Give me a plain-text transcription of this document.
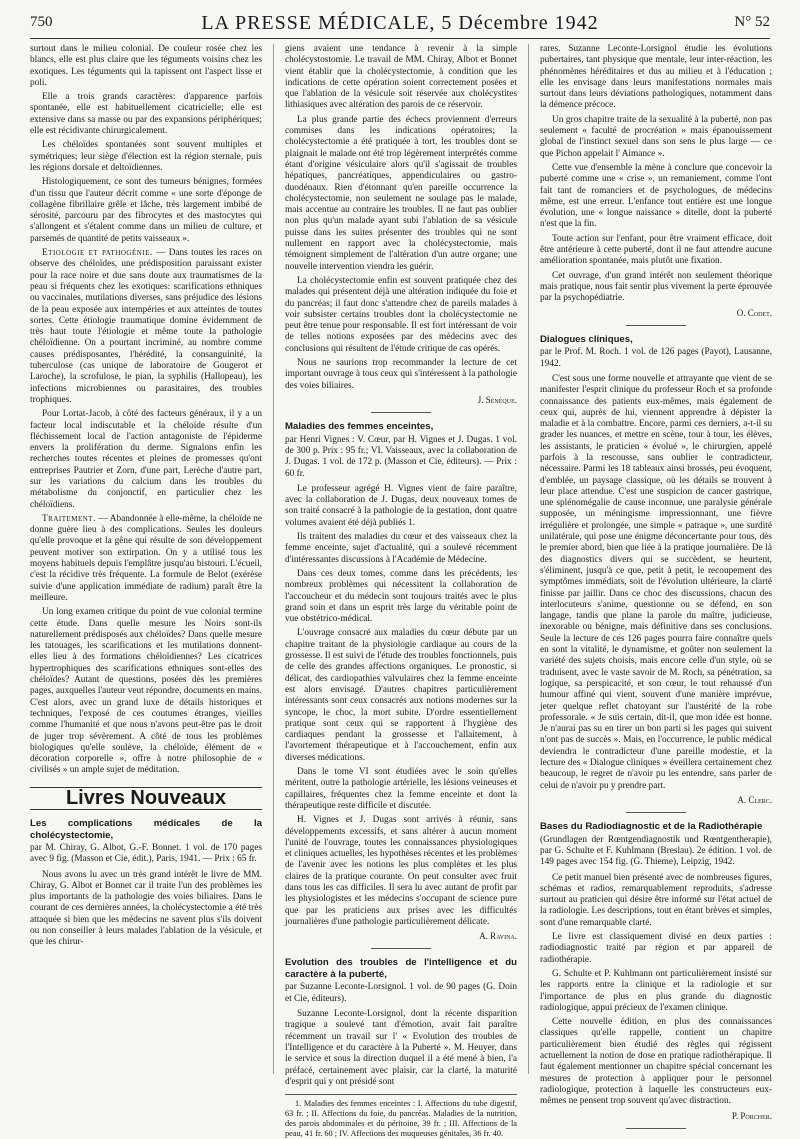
750	LA PRESSE MÉDICALE, 5 Décembre 1942	N° 52

surtout dans le milieu colonial. De couleur rosée chez les blancs, elle est plus claire que les téguments voisins chez les exotiques. Les téguments qui la tapissent ont l'aspect lisse et poli.

Elle a trois grands caractères: d'apparence parfois spontanée, elle est habituellement cicatricielle; elle est extensive dans sa masse ou par des expansions périphériques; elle est récidivante chirurgicalement.

Les chéloïdes spontanées sont souvent multiples et symétriques; leur siège d'élection est la région sternale, puis les régions dorsale et deltoïdiennes.

Histologiquement, ce sont des tumeurs bénignes, formées d'un tissu que l'auteur décrit comme « une sorte d'éponge de collagène fibrillaire grêle et lâche, très largement imbibé de sérosité, parcouru par des fibrocytes et des mastocytes qui s'allongent et s'étalent comme dans un milieu de culture, et parsemés de quantité de petits vaisseaux ».

Etiologie et pathogénie. — Dans toutes les races on observe des chéloïdes, une prédisposition paraissant exister pour la race noire et due sans doute aux traumatismes de la peau si fréquents chez les exotiques: scarifications ethniques ou vaccinales, mutilations diverses, sans préjudice des lésions de la peau exposée aux intempéries et aux atteintes de toutes sortes. Cette étiologie traumatique domine évidemment de très haut toute l'étiologie et même toute la pathologie chéloïdienne. On a pourtant incriminé, au nombre comme causes prédisposantes, l'hérédité, la consanguinité, la tuberculose (cas unique de laboratoire de Gougerot et Laroche), la scrofulose, le pian, la syphilis (Hallopeau), les infections microbiennes ou parasitaires, des troubles trophiques.

Pour Lortat-Jacob, à côté des facteurs généraux, il y a un facteur local indiscutable et la chéloïde résulte d'un fléchissement local de l'action antagoniste de l'épiderme envers la prolifération du derme. Signalons enfin les recherches toutes récentes et pleines de promesses qu'ont entreprises Pautrier et Zorn, d'une part, Lerèche d'autre part, sur les variations du calcium dans les troubles du métabolisme du conjonctif, en particulier chez les chéloïdiens.

Traitement. — Abandonnée à elle-même, la chéloïde ne donne guère lieu à des complications. Seules les douleurs qu'elle provoque et la gêne qui résulte de son développement peuvent motiver son extirpation. On y a utilisé tous les moyens habituels depuis l'emplâtre jusqu'au bistouri. L'écueil, c'est la récidive très fréquente. La formule de Belot (exérèse suivie d'une application immédiate de radium) paraît être la meilleure.

Un long examen critique du point de vue colonial termine cette étude. Dans quelle mesure les Noirs sont-ils naturellement prédisposés aux chéloïdes? Dans quelle mesure les tatouages, les scarifications et les mutilations donnent-elles lieu à des formations chéloïdiennes? Les cicatrices hypertrophiques des scarifications ethniques sont-elles des chéloïdes? Autant de questions, posées dès les premières pages, auxquelles l'auteur veut répondre, documents en mains. C'est alors, avec un grand luxe de détails historiques et techniques, l'exposé de ces coutumes étranges, vieilles comme l'humanité et que nous n'avons peut-être pas le droit de juger trop sévèrement. A côté de tous les problèmes biologiques qu'elle soulève, la chéloïde, élément de « décoration corporelle », offre à notre philosophie de « civilisés » un ample sujet de méditation.

Livres Nouveaux
Les complications médicales de la cholécystectomie,
par M. Chiray, G. Albot, G.-F. Bonnet. 1 vol. de 170 pages avec 9 fig. (Masson et Cie, édit.), Paris, 1941. — Prix : 65 fr.

Nous avons lu avec un très grand intérêt le livre de MM. Chiray, G. Albot et Bonnet car il traite l'un des problèmes les plus importants de la pathologie des voies biliaires. Dans le courant de ces dernières années, la cholécystectomie a été très attaquée si bien que les médecins ne savent plus s'ils doivent ou non conseiller à leurs malades l'ablation de la vésicule, et que les chirur-

giens avaient une tendance à revenir à la simple cholécystostomie. Le travail de MM. Chiray, Albot et Bonnet vient établir que la cholécystectomie, à condition que les indications de cette opération soient correctement posées et que l'ablation de la vésicule soit réservée aux cholécystites lithiasiques avec altération des parois de ce réservoir.

La plus grande partie des échecs proviennent d'erreurs commises dans les indications opératoires; la cholécystectomie a été pratiquée à tort, les troubles dont se plaignait le malade ont été trop légèrement interprétés comme étant d'origine vésiculaire alors qu'il s'agissait de troubles hépatiques, pancréatiques, appendiculaires ou gastro-duodénaux. Rien d'étonnant qu'en pareille occurrence la cholécystectomie, non seulement ne soulage pas le malade, mais accentue au contraire les troubles. Il ne faut pas oublier non plus qu'un malade ayant subi l'ablation de sa vésicule puisse dans les suites présenter des troubles qui ne sont nullement en rapport avec la cholécystectomie, mais témoignent simplement de l'altération d'un autre organe; une nouvelle intervention viendra les guérir.

La cholécystectomie enfin est souvent pratiquée chez des malades qui présentent déjà une altération indiquée du foie et du pancréas; il faut donc s'attendre chez de pareils malades à voir subsister certains troubles dont la cholécystectomie ne peut être tenue pour responsable. Il est fort intéressant de voir de telles notions exposées par des médecins avec des conclusions qui résultent de l'étude critique de cas opérés.

Nous ne saurions trop recommander la lecture de cet important ouvrage à tous ceux qui s'intéressent à la pathologie des voies biliaires.

J. Sénèque.
Maladies des femmes enceintes,
par Henri Vignes : V. Cœur, par H. Vignes et J. Dugas. 1 vol. de 300 p. Prix : 95 fr.; VI. Vaisseaux, avec la collaboration de J. Dugas. 1 vol. de 172 p. (Masson et Cie, éditeurs). — Prix : 60 fr.

Le professeur agrégé H. Vignes vient de faire paraître, avec la collaboration de J. Dugas, deux nouveaux tomes de son traité consacré à la pathologie de la gestation, dont quatre volumes avaient été déjà publiés 1.

Ils traitent des maladies du cœur et des vaisseaux chez la femme enceinte, sujet d'actualité, qui a soulevé récemment d'intéressantes discussions à l'Académie de Médecine.

Dans ces deux tomes, comme dans les précédents, les nombreux problèmes qui nécessitent la collaboration de l'accoucheur et du médecin sont toujours traités avec le plus grand soin et dans un esprit très large du véritable point de vue obstétrico-médical.

L'ouvrage consacré aux maladies du cœur débute par un chapitre traitant de la physiologie cardiaque au cours de la grossesse. Il est suivi de l'étude des troubles fonctionnels, puis de celle des grandes affections organiques. Le pronostic, si délicat, des cardiopathies valvulaires chez la femme enceinte est alors envisagé. D'autres chapitres particulièrement intéressants sont ceux consacrés aux notions modernes sur la syncope, le choc, la mort subite. D'ordre essentiellement pratique sont ceux qui se rapportent à l'hygiène des cardiaques pendant la grossesse et l'allaitement, à l'avortement thérapeutique et à l'accouchement, enfin aux diverses médications.

Dans le tome VI sont étudiées avec le soin qu'elles méritent, outre la pathologie artérielle, les lésions veineuses et capillaires, fréquentes chez la femme enceinte et dont la thérapeutique reste difficile et discutée.

H. Vignes et J. Dugas sont arrivés à réunir, sans développements excessifs, et sans altérer à aucun moment l'unité de l'ouvrage, toutes les connaissances physiologiques et cliniques actuelles, les hypothèses récentes et les problèmes de l'avenir avec les notions les plus complètes et les plus claires de la pratique courante. On peut consulter avec fruit dans tous les cas difficiles. Il sera lu avec autant de profit par les physiologistes et les médecins s'occupant de science pure que par les praticiens aux prises avec les difficultés journalières d'une pathologie particulièrement délicate.

A. Ravina.
Evolution des troubles de l'intelligence et du caractère à la puberté,
par Suzanne Leconte-Lorsignol. 1 vol. de 90 pages (G. Doin et Cie, éditeurs).

Suzanne Leconte-Lorsignol, dont la récente disparition tragique a soulevé tant d'émotion, avait fait paraître récemment un travail sur l' « Evolution des troubles de l'Intelligence et du caractère à la Puberté ». M. Heuyer, dans le service et sous la direction duquel il a été mené à bien, l'a préfacé, certainement avec plaisir, car la clarté, la maturité d'esprit qui y ont présidé sont

1. Maladies des femmes enceintes : I. Affections du tube digestif, 63 fr. ; II. Affections du foie, du pancréas. Maladies de la nutrition, des parois abdominales et du péritoine, 39 fr. ; III. Affections de la peau, 41 fr. 60 ; IV. Affections des muqueuses génitales, 36 fr. 40.

rares. Suzanne Leconte-Lorsignol étudie les évolutions pubertaires, tant physique que mentale, leur inter-réaction, les phénomènes héréditaires et dus au milieu et à l'éducation ; elle les envisage dans leurs manifestations normales mais surtout dans leurs déviations pathologiques, notamment dans la démence précoce.

Un gros chapitre traite de la sexualité à la puberté, non pas seulement « faculté de procréation » mais épanouissement global de l'instinct sexuel dans son sens le plus large — ce que Pichon appelait l' Aimance ».

Cette vue d'ensemble la mène à conclure que concevoir la puberté comme une « crise », un remaniement, comme l'ont fait tant de romanciers et de psychologues, de médecins même, est une erreur. L'enfance tout entière est une longue évolution, une « longue naissance » ditelle, dont la puberté n'est que la fin.

Toute action sur l'enfant, pour être vraiment efficace, doit être antérieure à cette puberté, dont il ne faut attendre aucune amélioration spontanée, mais plutôt une fixation.

Cet ouvrage, d'un grand intérêt non seulement théorique mais pratique, nous fait sentir plus vivement la perte éprouvée par la psychopédiatrie.

O. Codet.
Dialogues cliniques,
par le Prof. M. Roch. 1 vol. de 126 pages (Payot), Lausanne, 1942.

C'est sous une forme nouvelle et attrayante que vient de se manifester l'esprit clinique du professeur Roch et sa profonde connaissance des patients eux-mêmes, mais également de ceux qui, auprès de lui, viennent apprendre à dépister la maladie et à la combattre. Encore, parmi ces derniers, a-t-il su grader les nuances, et mettre en scène, tour à tour, les élèves, les assistants, le praticien « évolué », le chirurgien, appelé parfois à la rescousse, sans oublier le contradicteur, nécessaire. Parmi les 18 tableaux ainsi brossés, peu évoquent, d'emblée, un paysage classique, où les détails se trouvent à leur place attendue. C'est une suspicion de cancer gastrique, une splénomégalie de cause inconnue, une paralysie générale supposée, un méningisme impressionnant, une fièvre irrégulière et prolongée, une simple « patraque », une surdité unilatérale, qui pose une énigme déconcertante pour tous, dès le premier abord, bien que liée à la pratique journalière. De là des diagnostics divers qui se succèdent, se heurtent, s'éliminent, jusqu'à ce que, petit à petit, le recoupement des symptômes immédiats, soit de l'évolution ultérieure, la clarté finisse par jaillir. Dans ce choc des discussions, chacun des interlocuteurs s'anime, questionne ou se défend, en son langage, tandis que plane la parole du maître, judicieuse, inexorable ou bénigne, mais définitive dans ses conclusions. Seule la lecture de ces 126 pages pourra faire connaître quels en sont la vitalité, le dynamisme, et goûter non seulement la variété des sujets choisis, mais encore celle d'un style, où se traduisent, avec le vaste savoir de M. Roch, sa pénétration, sa logique, sa perspicacité, et son cœur, le tout rehaussé d'un humour affiné qui vient, souvent d'une manière imprévue, jeter quelque reflet chatoyant sur l'austérité de la robe professorale. « Je suis certain, dit-il, que mon idée est bonne. Je n'aurai pas su en tirer un bon parti si les pages qui suivent n'ont pas de succès ». Mais, en l'occurrence, le public médical deviendra le contradicteur d'une pareille modestie, et la lecture des « Dialogue cliniques » éveillera certainement chez beaucoup, le regret de n'avoir pu les entendre, sans parler de celui de n'avoir pu y prendre part.

A. Clerc.
Bases du Radiodiagnostic et de la Radiothérapie
(Grundlagen der Rœntgendiagnostik und Rœntgentherapie), par G. Schulte et F. Kuhlmann (Breslau). 2e édition. 1 vol. de 149 pages avec 154 fig. (G. Thieme), Leipzig, 1942.

Ce petit manuel bien présenté avec de nombreuses figures, schémas et radios, remarquablement reproduits, s'adresse surtout au praticien qui désire être informé sur l'état actuel de la radiologie. Les descriptions, tout en étant brèves et simples, sont d'une remarquable clarté.

Le livre est classiquement divisé en deux parties : radiodiagnostic traité par région et par appareil de radiothérapie.

G. Schulte et P. Kuhlmann ont particulièrement insisté sur les rapports entre la clinique et la radiologie et sur l'importance de plus en plus grande du diagnostic radiologique, appui précieux de l'examen clinique.

Cette nouvelle édition, en plus des connaissances classiques qu'elle rappelle, contient un chapitre particulièrement bien étudié des règles qui régissent actuellement la notion de dose en pratique radiothérapique. Il faut également mentionner un chapitre spécial concernant les mesures de protection à appliquer pour le personnel radiologique, protection à laquelle les constructeurs eux-mêmes ne pensent trop souvent qu'avec distraction.

P. Porcher.
